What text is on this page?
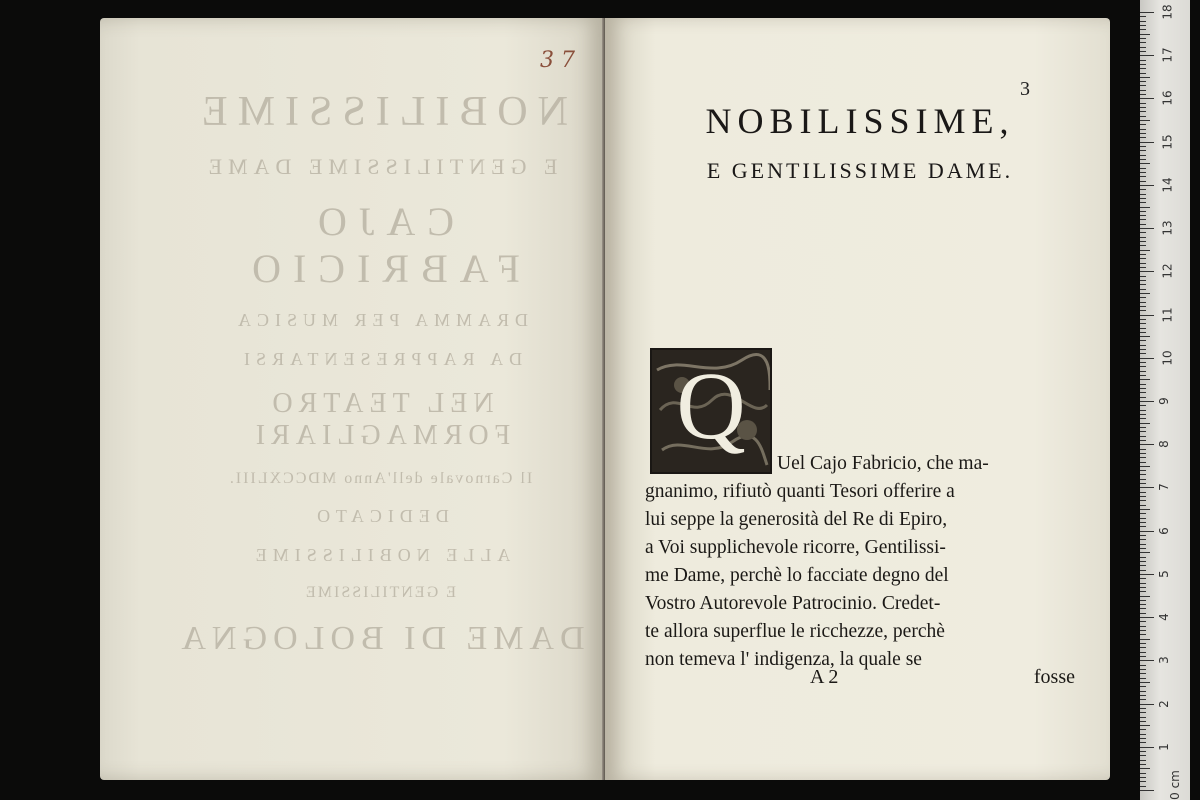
3 7
NOBILISSIME
E GENTILISSIME DAME
CAJO FABRICIO
DRAMMA PER MUSICA
DA RAPPRESENTARSI
NEL TEATRO FORMAGLIARI
Il Carnovale dell'Anno MDCCXLIII.
DEDICATO
ALLE NOBILISSIME
E GENTILISSIME
DAME DI BOLOGNA
3
NOBILISSIME,
E GENTILISSIME DAME.
Q
Uel Cajo Fabricio, che ma-
gnanimo, rifiutò quanti Tesori offerire a
lui seppe la generosità del Re di Epiro,
a Voi supplichevole ricorre, Gentilissi-
me Dame, perchè lo facciate degno del
Vostro Autorevole Patrocinio. Credet-
te allora superflue le ricchezze, perchè
non temeva l' indigenza, la quale se
A 2	fosse
0 cm
1
2
3
4
5
6
7
8
9
10
11
12
13
14
15
16
17
18
